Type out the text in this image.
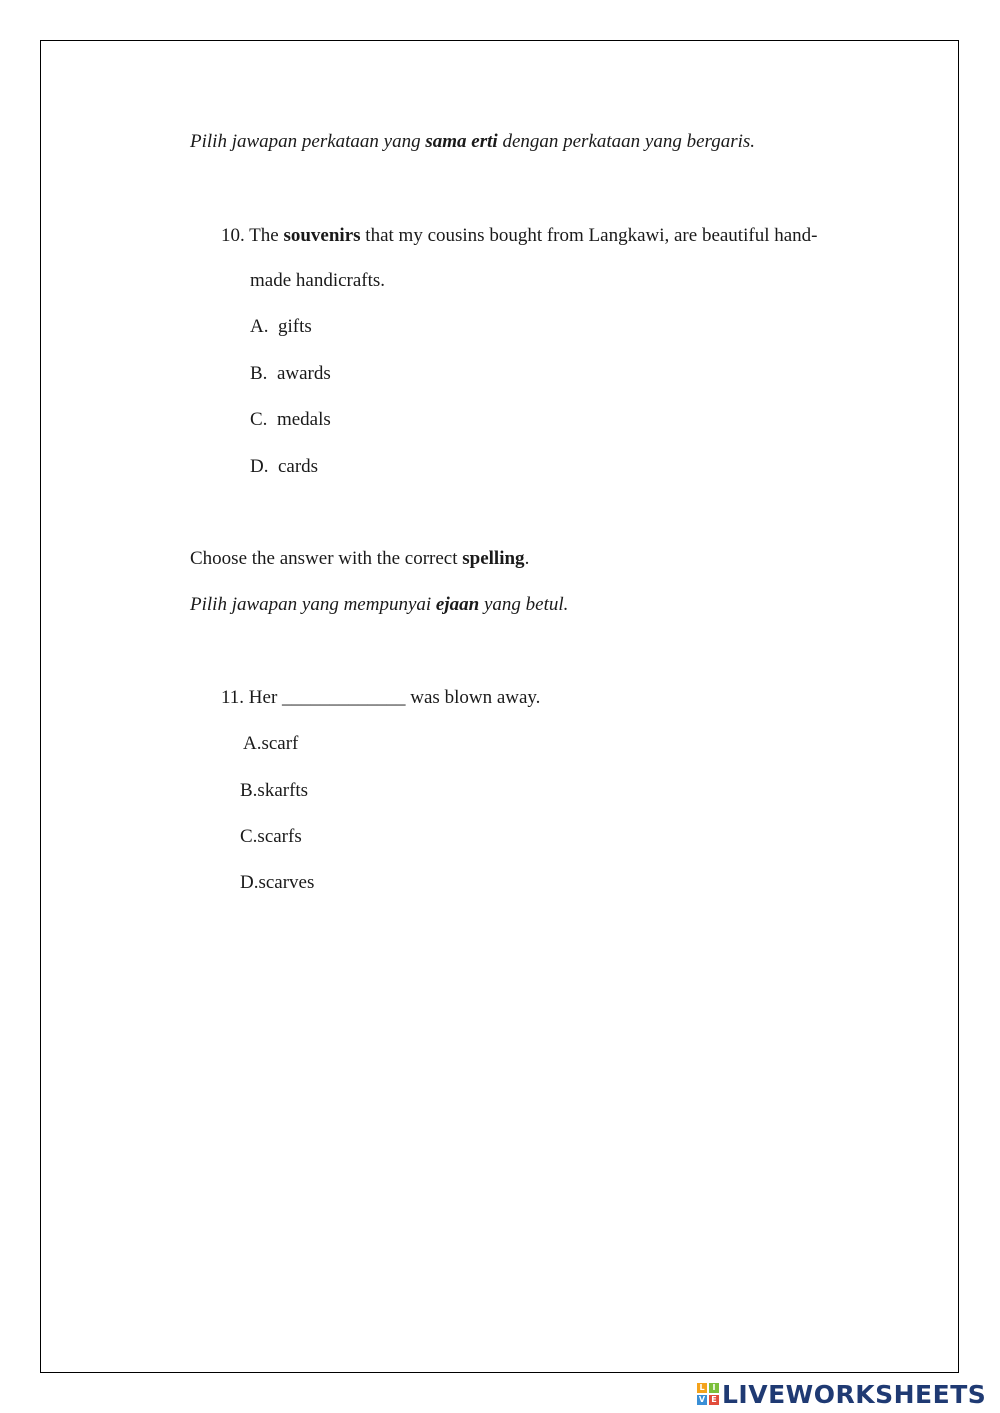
Pilih jawapan perkataan yang sama erti dengan perkataan yang bergaris.
10. The souvenirs that my cousins bought from Langkawi, are beautiful hand-
made handicrafts.
A. gifts
B. awards
C. medals
D. cards
Choose the answer with the correct spelling.
Pilih jawapan yang mempunyai ejaan yang betul.
11. Her _____________ was blown away.
A.scarf
B.skarfts
C.scarfs
D.scarves
L I
V E LIVEWORKSHEETS
